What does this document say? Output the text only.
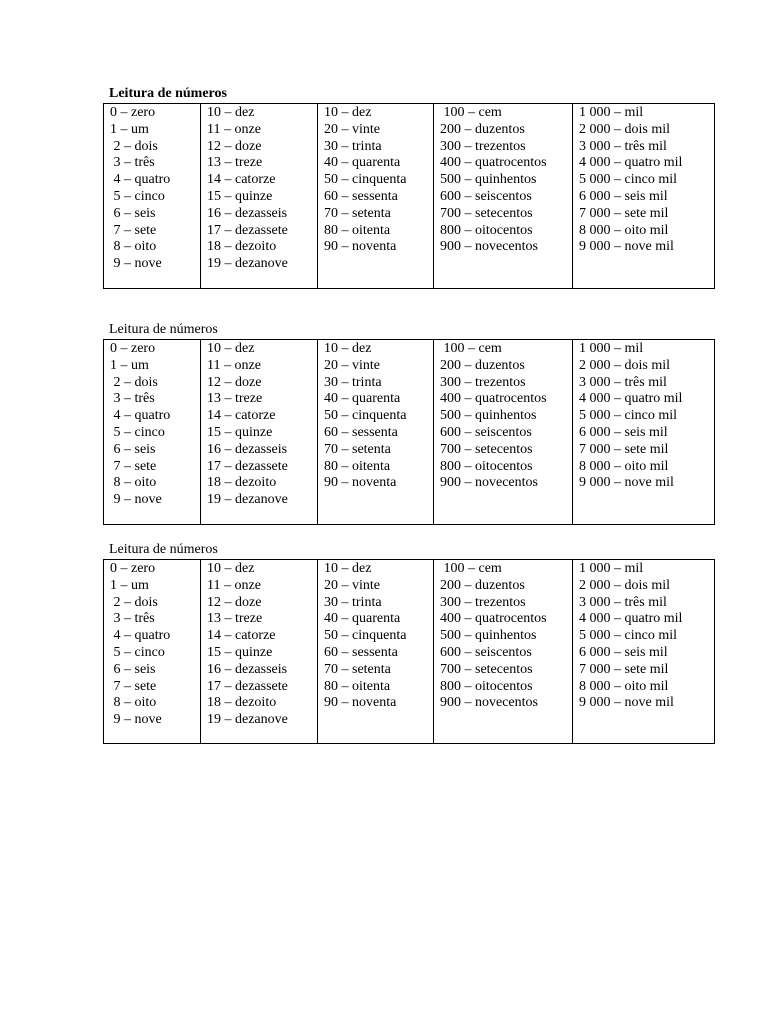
Leitura de números
0 – zero
1 – um
2 – dois
3 – três
4 – quatro
5 – cinco
6 – seis
7 – sete
8 – oito
9 – nove

10 – dez
11 – onze
12 – doze
13 – treze
14 – catorze
15 – quinze
16 – dezasseis
17 – dezassete
18 – dezoito
19 – dezanove

10 – dez
20 – vinte
30 – trinta
40 – quarenta
50 – cinquenta
60 – sessenta
70 – setenta
80 – oitenta
90 – noventa

100 – cem
200 – duzentos
300 – trezentos
400 – quatrocentos
500 – quinhentos
600 – seiscentos
700 – setecentos
800 – oitocentos
900 – novecentos

1 000 – mil
2 000 – dois mil
3 000 – três mil
4 000 – quatro mil
5 000 – cinco mil
6 000 – seis mil
7 000 – sete mil
8 000 – oito mil
9 000 – nove mil
Leitura de números
0 – zero
1 – um
2 – dois
3 – três
4 – quatro
5 – cinco
6 – seis
7 – sete
8 – oito
9 – nove

10 – dez
11 – onze
12 – doze
13 – treze
14 – catorze
15 – quinze
16 – dezasseis
17 – dezassete
18 – dezoito
19 – dezanove

10 – dez
20 – vinte
30 – trinta
40 – quarenta
50 – cinquenta
60 – sessenta
70 – setenta
80 – oitenta
90 – noventa

100 – cem
200 – duzentos
300 – trezentos
400 – quatrocentos
500 – quinhentos
600 – seiscentos
700 – setecentos
800 – oitocentos
900 – novecentos

1 000 – mil
2 000 – dois mil
3 000 – três mil
4 000 – quatro mil
5 000 – cinco mil
6 000 – seis mil
7 000 – sete mil
8 000 – oito mil
9 000 – nove mil
Leitura de números
0 – zero
1 – um
2 – dois
3 – três
4 – quatro
5 – cinco
6 – seis
7 – sete
8 – oito
9 – nove

10 – dez
11 – onze
12 – doze
13 – treze
14 – catorze
15 – quinze
16 – dezasseis
17 – dezassete
18 – dezoito
19 – dezanove

10 – dez
20 – vinte
30 – trinta
40 – quarenta
50 – cinquenta
60 – sessenta
70 – setenta
80 – oitenta
90 – noventa

100 – cem
200 – duzentos
300 – trezentos
400 – quatrocentos
500 – quinhentos
600 – seiscentos
700 – setecentos
800 – oitocentos
900 – novecentos

1 000 – mil
2 000 – dois mil
3 000 – três mil
4 000 – quatro mil
5 000 – cinco mil
6 000 – seis mil
7 000 – sete mil
8 000 – oito mil
9 000 – nove mil
